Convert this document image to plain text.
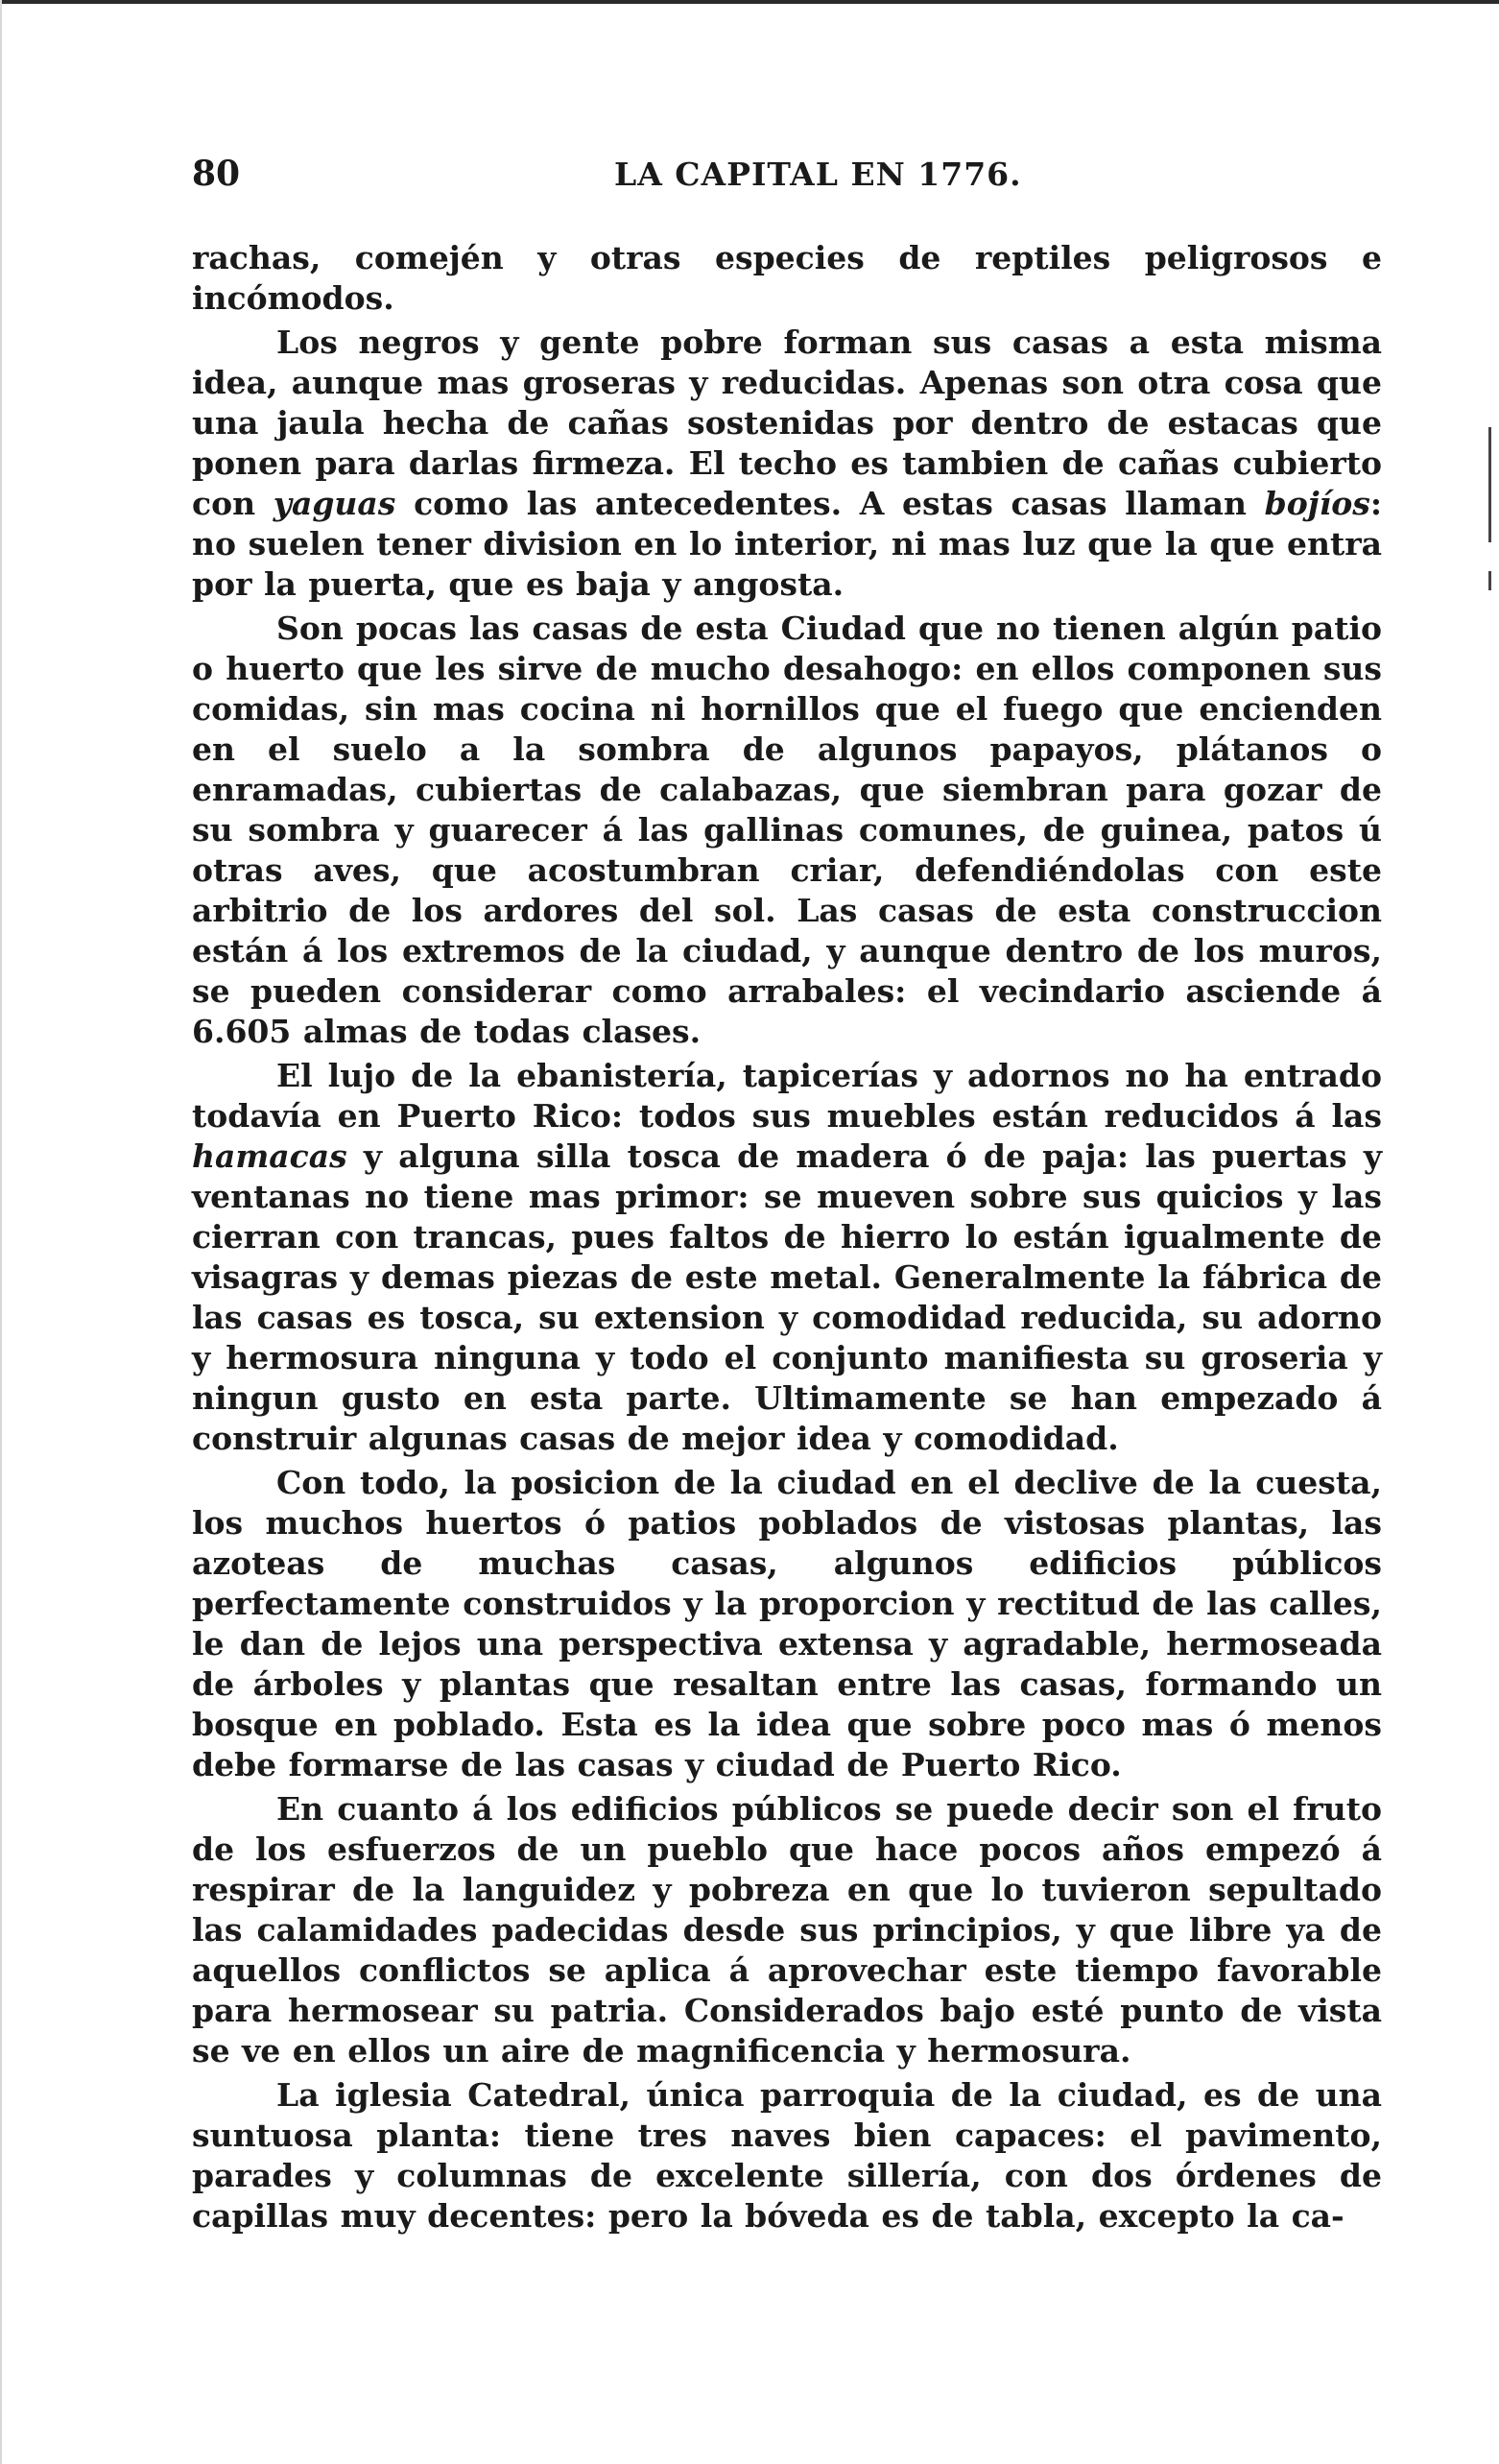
80	LA CAPITAL EN 1776.

rachas, comején y otras especies de reptiles peligrosos e incómodos.

Los negros y gente pobre forman sus casas a esta misma idea, aunque mas groseras y reducidas. Apenas son otra cosa que una jaula hecha de cañas sostenidas por dentro de estacas que ponen para darlas firmeza. El techo es tambien de cañas cubierto con yaguas como las antecedentes. A estas casas llaman bojíos: no suelen tener division en lo interior, ni mas luz que la que entra por la puerta, que es baja y angosta.

Son pocas las casas de esta Ciudad que no tienen algún patio o huerto que les sirve de mucho desahogo: en ellos componen sus comidas, sin mas cocina ni hornillos que el fuego que encienden en el suelo a la sombra de algunos papayos, plátanos o enramadas, cubiertas de calabazas, que siembran para gozar de su sombra y guarecer á las gallinas comunes, de guinea, patos ú otras aves, que acostumbran criar, defendiéndolas con este arbitrio de los ardores del sol. Las casas de esta construccion están á los extremos de la ciudad, y aunque dentro de los muros, se pueden considerar como arrabales: el vecindario asciende á 6.605 almas de todas clases.

El lujo de la ebanistería, tapicerías y adornos no ha entrado todavía en Puerto Rico: todos sus muebles están reducidos á las hamacas y alguna silla tosca de madera ó de paja: las puertas y ventanas no tiene mas primor: se mueven sobre sus quicios y las cierran con trancas, pues faltos de hierro lo están igualmente de visagras y demas piezas de este metal. Generalmente la fábrica de las casas es tosca, su extension y comodidad reducida, su adorno y hermosura ninguna y todo el conjunto manifiesta su groseria y ningun gusto en esta parte. Ultimamente se han empezado á construir algunas casas de mejor idea y comodidad.

Con todo, la posicion de la ciudad en el declive de la cuesta, los muchos huertos ó patios poblados de vistosas plantas, las azoteas de muchas casas, algunos edificios públicos perfectamente construidos y la proporcion y rectitud de las calles, le dan de lejos una perspectiva extensa y agradable, hermoseada de árboles y plantas que resaltan entre las casas, formando un bosque en poblado. Esta es la idea que sobre poco mas ó menos debe formarse de las casas y ciudad de Puerto Rico.

En cuanto á los edificios públicos se puede decir son el fruto de los esfuerzos de un pueblo que hace pocos años empezó á respirar de la languidez y pobreza en que lo tuvieron sepultado las calamidades padecidas desde sus principios, y que libre ya de aquellos conflictos se aplica á aprovechar este tiempo favorable para hermosear su patria. Considerados bajo esté punto de vista se ve en ellos un aire de magnificencia y hermosura.

La iglesia Catedral, única parroquia de la ciudad, es de una suntuosa planta: tiene tres naves bien capaces: el pavimento, parades y columnas de excelente sillería, con dos órdenes de capillas muy decentes: pero la bóveda es de tabla, excepto la ca-
